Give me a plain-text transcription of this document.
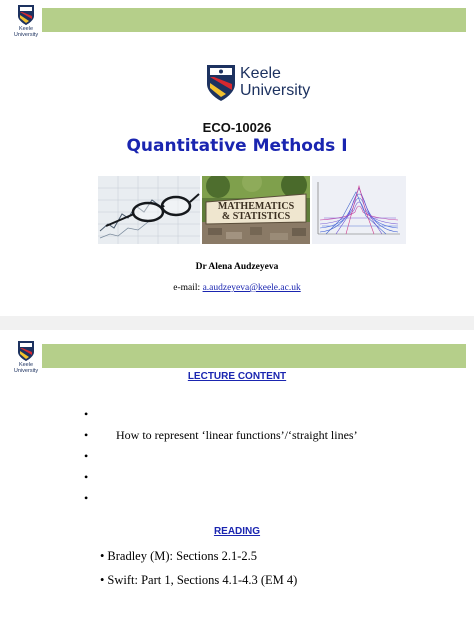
Keele
University
Keele
University
ECO-10026
Quantitative Methods I
MATHEMATICS
& STATISTICS
Dr Alena Audzeyeva
e-mail: a.audzeyeva@keele.ac.uk
Keele
University	LECTURE CONTENT
•
• How to represent ‘linear functions’/‘straight lines’
•
•
•
READING
• Bradley (M): Sections 2.1-2.5
• Swift: Part 1, Sections 4.1-4.3 (EM 4)
